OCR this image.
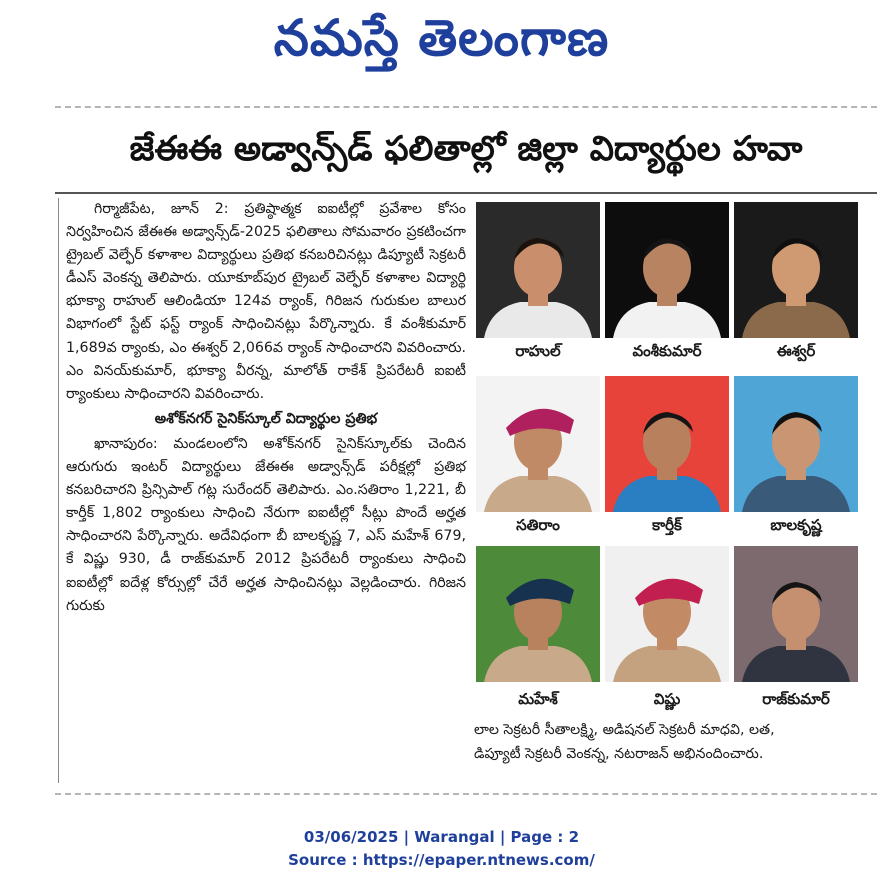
నమస్తే తెలంగాణ
జేఈఈ అడ్వాన్స్‌డ్‌ ఫలితాల్లో జిల్లా విద్యార్థుల హవా

గిర్మాజీపేట, జూన్‌ 2: ప్రతిష్ఠాత్మక ఐఐటీల్లో ప్రవేశాల కోసం నిర్వహించిన జేఈఈ అడ్వాన్స్‌డ్‌-2025 ఫలితాలు సోమవారం ప్రకటించగా ట్రైబల్‌ వెల్ఫేర్‌ కళాశాల విద్యార్థులు ప్రతిభ కనబరిచినట్లు డిప్యూటీ సెక్రటరీ డీఎస్‌ వెంకన్న తెలిపారు. యూకూబ్‌పుర ట్రైబల్‌ వెల్ఫేర్‌ కళాశాల విద్యార్థి భూక్యా రాహుల్‌ ఆలిండియా 124వ ర్యాంక్‌, గిరిజన గురుకుల బాలుర విభాగంలో స్టేట్‌ ఫస్ట్‌ ర్యాంక్‌ సాధించినట్లు పేర్కొన్నారు. కే వంశీకుమార్‌ 1,689వ ర్యాంకు, ఎం ఈశ్వర్‌ 2,066వ ర్యాంక్‌ సాధించారని వివరించారు. ఎం వినయ్‌కుమార్‌, భూక్యా వీరన్న, మాలోత్‌ రాకేశ్‌ ప్రిపరేటరీ ఐఐటీ ర్యాంకులు సాధించారని వివరించారు.

అశోక్‌నగర్‌ సైనిక్‌స్కూల్‌ విద్యార్థుల ప్రతిభ

ఖానాపురం: మండలంలోని అశోక్‌నగర్‌ సైనిక్‌స్కూల్‌కు చెందిన ఆరుగురు ఇంటర్‌ విద్యార్థులు జేఈఈ అడ్వాన్స్‌డ్‌ పరీక్షల్లో ప్రతిభ కనబరిచారని ప్రిన్సిపాల్‌ గట్ల సురేందర్‌ తెలిపారు. ఎం.సతిరాం 1,221, బీ కార్తీక్‌ 1,802 ర్యాంకులు సాధించి నేరుగా ఐఐటీల్లో సీట్లు పొందే అర్హత సాధించారని పేర్కొన్నారు. అదేవిధంగా బీ బాలకృష్ణ 7, ఎస్‌ మహేశ్‌ 679, కే విష్ణు 930, డీ రాజ్‌కుమార్‌ 2012 ప్రిపరేటరీ ర్యాంకులు సాధించి ఐఐటీల్లో ఐదేళ్ల కోర్సుల్లో చేరే అర్హత సాధించినట్లు వెల్లడించారు. గిరిజన గురుకు

రాహుల్‌	వంశీకుమార్‌	ఈశ్వర్‌
సతిరాం	కార్తీక్‌	బాలకృష్ణ
మహేశ్‌	విష్ణు	రాజ్‌కుమార్‌

లాల సెక్రటరీ సీతాలక్ష్మి, అడిషనల్‌ సెక్రటరీ మాధవి, లత,

డిప్యూటీ సెక్రటరీ వెంకన్న, నటరాజన్‌ అభినందించారు.

03/06/2025 | Warangal | Page : 2
Source : https://epaper.ntnews.com/
